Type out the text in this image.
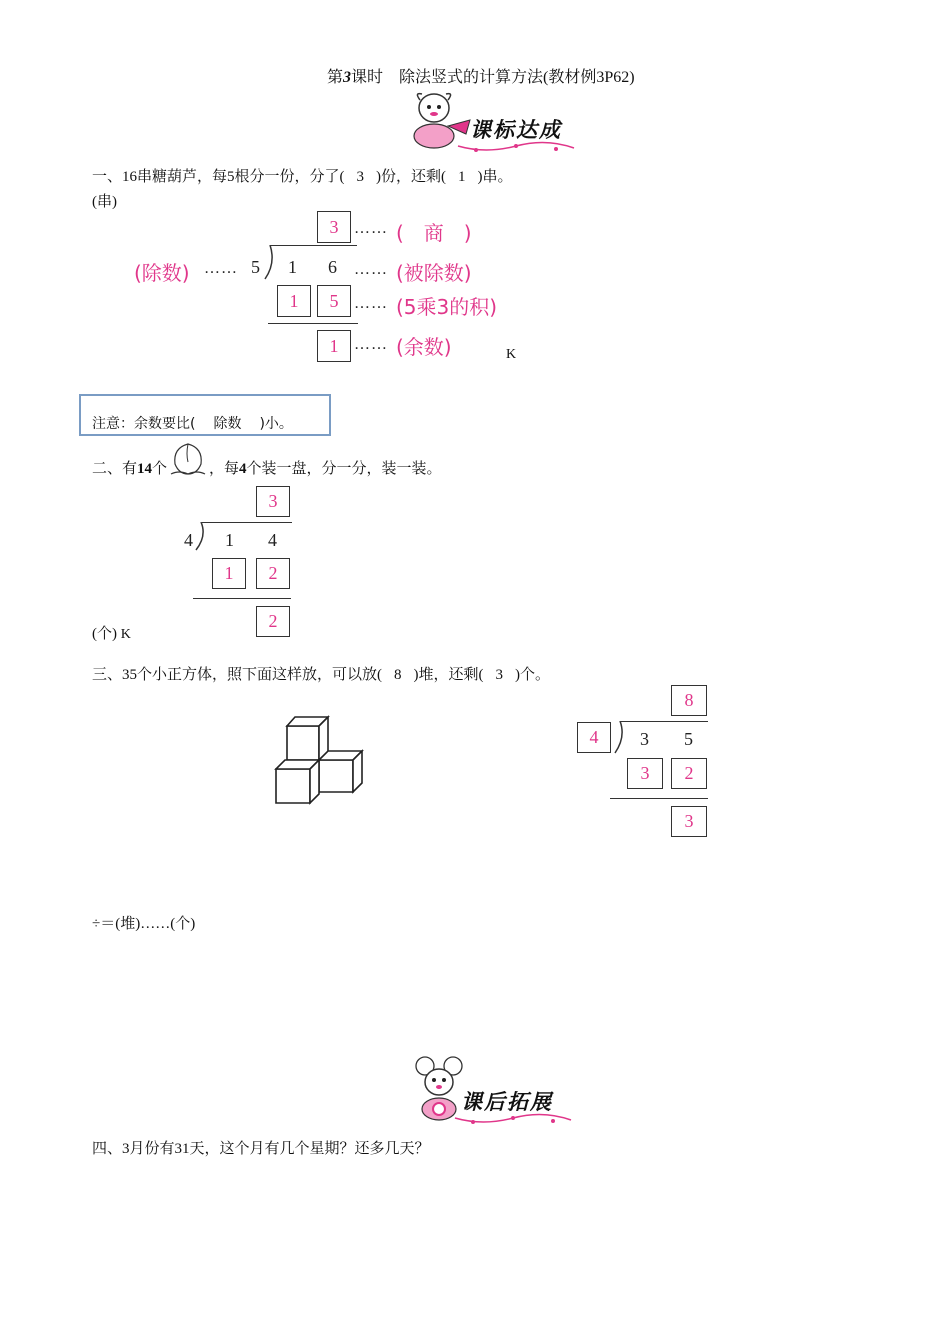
第3课时　除法竖式的计算方法(教材例3P62)
课标达成
一、16串糖葫芦，每5根分一份，分了( 3 )份，还剩( 1 )串。
(串)
3 …… (　商　)
(除数) …… 5 1 6 …… (被除数)
1	5 …… (5乘3的积)
1 …… (余数)	K
注意：余数要比( 除数 )小。
二、有14个	，每4个装一盘，分一分，装一装。
3
4 1 4
1	2
2
(个) K
三、35个小正方体，照下面这样放，可以放( 8 )堆，还剩( 3 )个。
8
4	3 5
3	2
3
÷＝(堆)……(个)
课后拓展
四、3月份有31天，这个月有几个星期？还多几天？
